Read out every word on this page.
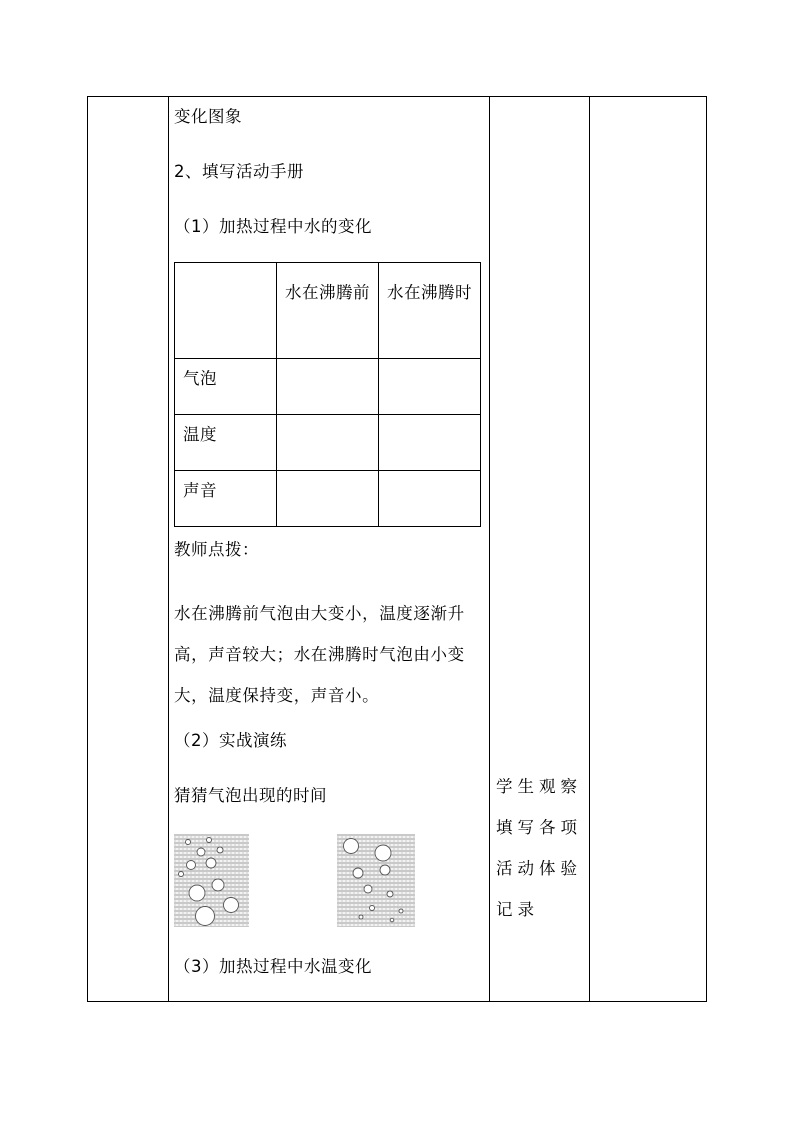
变化图象
2、填写活动手册
（1）加热过程中水的变化

	水在沸腾前	水在沸腾时

气泡		

温度		

声音		

教师点拨：
水在沸腾前气泡由大变小，温度逐渐升高，声音较大；水在沸腾时气泡由小变大，温度保持变，声音小。
（2）实战演练
猜猜气泡出现的时间
（3）加热过程中水温变化
学生观察填写各项活动体验记录
